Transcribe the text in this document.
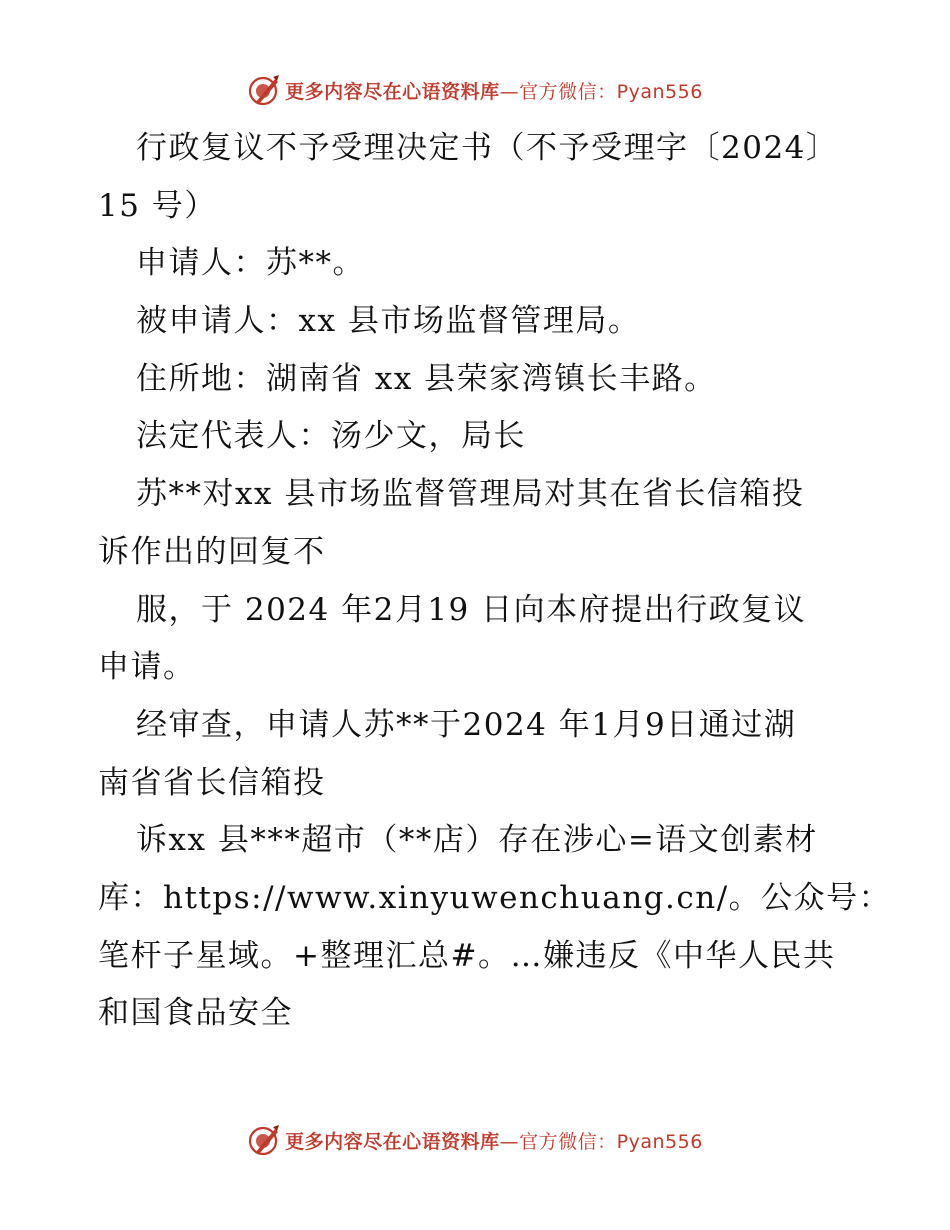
更多内容尽在心语资料库—官方微信：Pyan556
行政复议不予受理决定书（不予受理字〔2024〕
15 号）
申请人：苏**。
被申请人：xx 县市场监督管理局。
住所地：湖南省 xx 县荣家湾镇长丰路。
法定代表人：汤少文，局长
苏**对xx 县市场监督管理局对其在省长信箱投
诉作出的回复不
服，于 2024 年2月19 日向本府提出行政复议
申请。
经审查，申请人苏**于2024 年1月9日通过湖
南省省长信箱投
诉xx 县***超市（**店）存在涉心=语文创素材
库：https://www.xinyuwenchuang.cn/。公众号：
笔杆子星域。+整理汇总#。…嫌违反《中华人民共
和国食品安全
更多内容尽在心语资料库—官方微信：Pyan556
